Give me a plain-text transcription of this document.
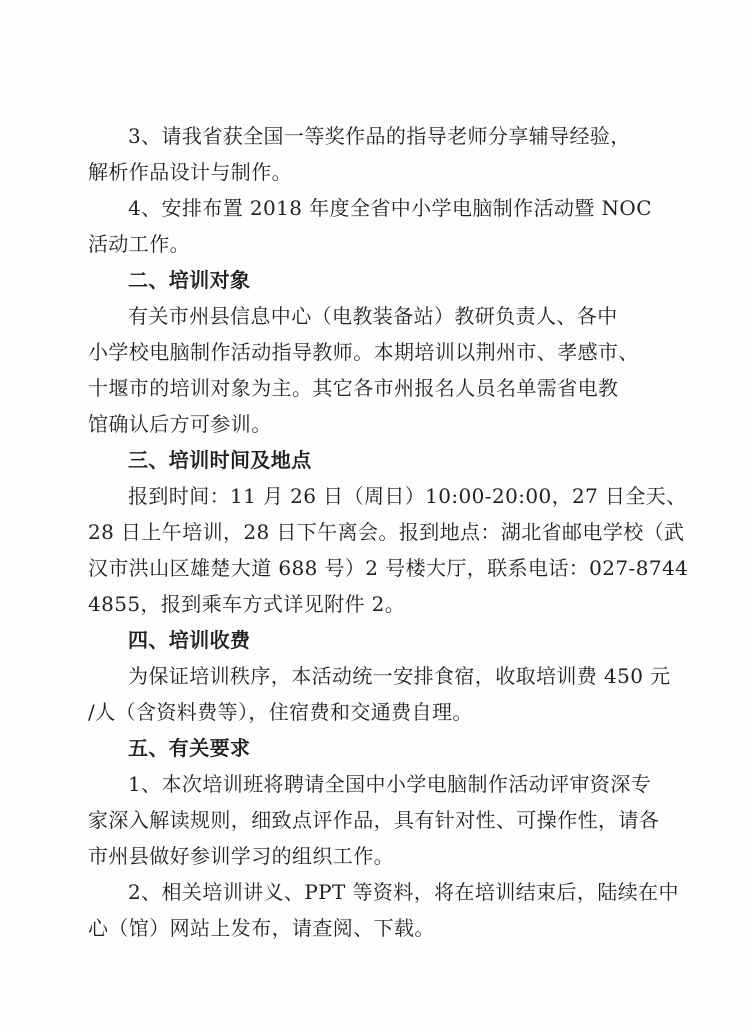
3、请我省获全国一等奖作品的指导老师分享辅导经验，
解析作品设计与制作。
4、安排布置 2018 年度全省中小学电脑制作活动暨 NOC
活动工作。
二、培训对象
有关市州县信息中心（电教装备站）教研负责人、各中
小学校电脑制作活动指导教师。本期培训以荆州市、孝感市、
十堰市的培训对象为主。其它各市州报名人员名单需省电教
馆确认后方可参训。
三、培训时间及地点
报到时间：11 月 26 日（周日）10:00-20:00，27 日全天、
28 日上午培训，28 日下午离会。报到地点：湖北省邮电学校（武
汉市洪山区雄楚大道 688 号）2 号楼大厅，联系电话：027-8744
4855，报到乘车方式详见附件 2。
四、培训收费
为保证培训秩序，本活动统一安排食宿，收取培训费 450 元
/人（含资料费等），住宿费和交通费自理。
五、有关要求
1、本次培训班将聘请全国中小学电脑制作活动评审资深专
家深入解读规则，细致点评作品，具有针对性、可操作性，请各
市州县做好参训学习的组织工作。
2、相关培训讲义、PPT 等资料，将在培训结束后，陆续在中
心（馆）网站上发布，请查阅、下载。
